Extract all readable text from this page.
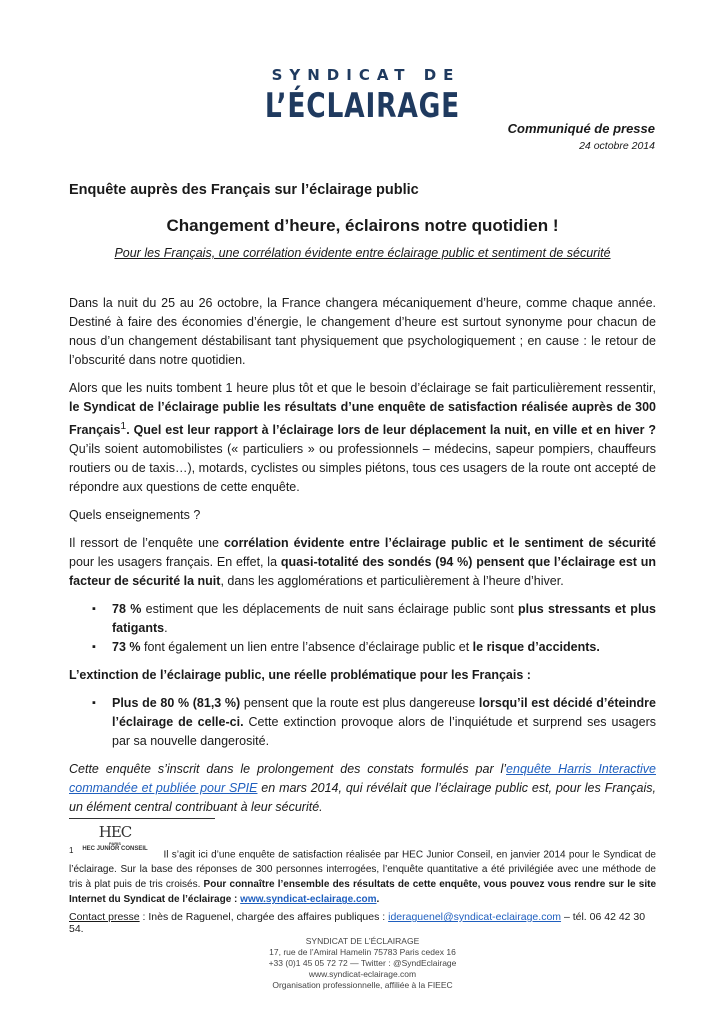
SYNDICAT DE
L’ÉCLAIRAGE
Communiqué de presse
24 octobre 2014
Enquête auprès des Français sur l’éclairage public
Changement d’heure, éclairons notre quotidien !
Pour les Français, une corrélation évidente entre éclairage public et sentiment de sécurité

Dans la nuit du 25 au 26 octobre, la France changera mécaniquement d’heure, comme chaque année. Destiné à faire des économies d’énergie, le changement d’heure est surtout synonyme pour chacun de nous d’un changement déstabilisant tant physiquement que psychologiquement ; en cause : le retour de l’obscurité dans notre quotidien.

Alors que les nuits tombent 1 heure plus tôt et que le besoin d’éclairage se fait particulièrement ressentir, le Syndicat de l’éclairage publie les résultats d’une enquête de satisfaction réalisée auprès de 300 Français$^1$. Quel est leur rapport à l’éclairage lors de leur déplacement la nuit, en ville et en hiver ? Qu’ils soient automobilistes (« particuliers » ou professionnels – médecins, sapeur pompiers, chauffeurs routiers ou de taxis…), motards, cyclistes ou simples piétons, tous ces usagers de la route ont accepté de répondre aux questions de cette enquête.

Quels enseignements ?

Il ressort de l’enquête une corrélation évidente entre l’éclairage public et le sentiment de sécurité pour les usagers français. En effet, la quasi-totalité des sondés (94 %) pensent que l’éclairage est un facteur de sécurité la nuit, dans les agglomérations et particulièrement à l’heure d’hiver.

▪ 78 % estiment que les déplacements de nuit sans éclairage public sont plus stressants et plus fatigants.
▪ 73 % font également un lien entre l’absence d’éclairage public et le risque d’accidents.

L’extinction de l’éclairage public, une réelle problématique pour les Français :

▪ Plus de 80 % (81,3 %) pensent que la route est plus dangereuse lorsqu’il est décidé d’éteindre l’éclairage de celle-ci. Cette extinction provoque alors de l’inquiétude et surprend ses usagers par sa nouvelle dangerosité.

Cette enquête s’inscrit dans le prolongement des constats formulés par l’enquête Harris Interactive commandée et publiée pour SPIE en mars 2014, qui révélait que l’éclairage public est, pour les Français, un élément central contribuant à leur sécurité.

HEC
PARIS
HEC JUNIOR CONSEIL
$^1$	Il s’agit ici d’une enquête de satisfaction réalisée par HEC Junior Conseil, en janvier 2014 pour le Syndicat de l’éclairage. Sur la base des réponses de 300 personnes interrogées, l’enquête quantitative a été privilégiée avec une méthode de tris à plat puis de tris croisés. Pour connaître l’ensemble des résultats de cette enquête, vous pouvez vous rendre sur le site Internet du Syndicat de l’éclairage : www.syndicat-eclairage.com.
Contact presse : Inès de Raguenel, chargée des affaires publiques : ideraguenel@syndicat-eclairage.com – tél. 06 42 42 30 54.
SYNDICAT DE L’ÉCLAIRAGE
17, rue de l’Amiral Hamelin 75783 Paris cedex 16
+33 (0)1 45 05 72 72 — Twitter : @SyndEclairage
www.syndicat-eclairage.com
Organisation professionnelle, affiliée à la FIEEC
